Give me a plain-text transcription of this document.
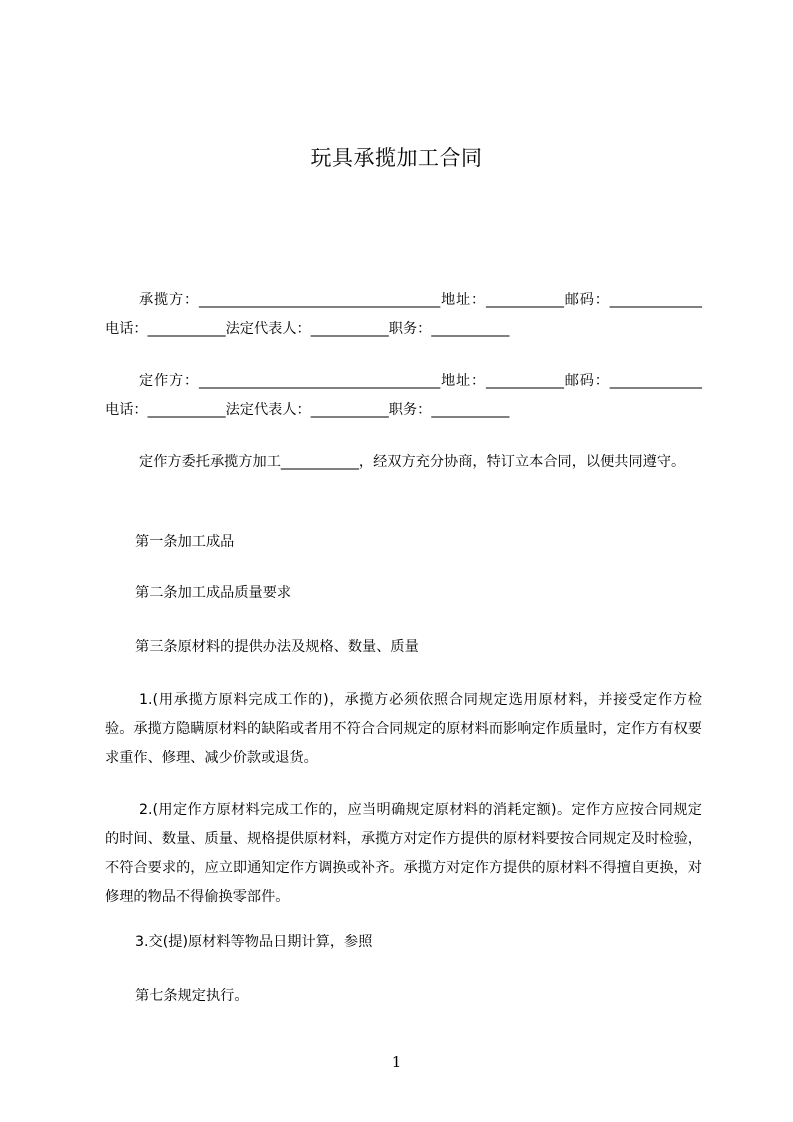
玩具承揽加工合同
承揽方：__________________________________地址：___________邮码：_____________电话：___________法定代表人：___________职务：___________
定作方：__________________________________地址：___________邮码：_____________电话：___________法定代表人：___________职务：___________
定作方委托承揽方加工___________，经双方充分协商，特订立本合同，以便共同遵守。
第一条加工成品
第二条加工成品质量要求
第三条原材料的提供办法及规格、数量、质量
1.(用承揽方原料完成工作的)，承揽方必须依照合同规定选用原材料，并接受定作方检验。承揽方隐瞒原材料的缺陷或者用不符合合同规定的原材料而影响定作质量时，定作方有权要求重作、修理、减少价款或退货。
2.(用定作方原材料完成工作的，应当明确规定原材料的消耗定额)。定作方应按合同规定的时间、数量、质量、规格提供原材料，承揽方对定作方提供的原材料要按合同规定及时检验，不符合要求的，应立即通知定作方调换或补齐。承揽方对定作方提供的原材料不得擅自更换，对修理的物品不得偷换零部件。
3.交(提)原材料等物品日期计算，参照
第七条规定执行。
1
